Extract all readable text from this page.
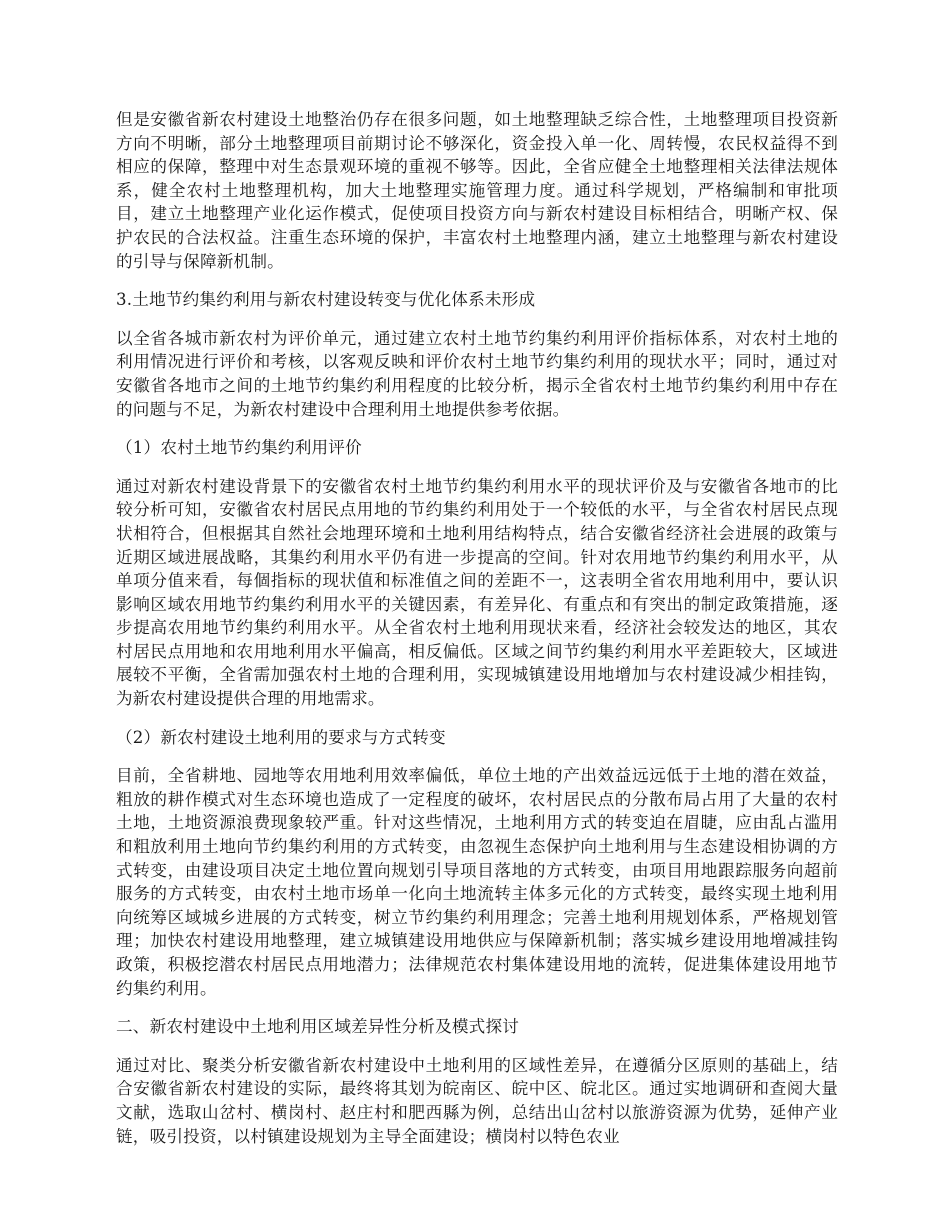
但是安徽省新农村建设土地整治仍存在很多问题，如土地整理缺乏综合性，土地整理项目投资新方向不明晰，部分土地整理项目前期讨论不够深化，资金投入单一化、周转慢，农民权益得不到相应的保障，整理中对生态景观环境的重视不够等。因此，全省应健全土地整理相关法律法规体系，健全农村土地整理机构，加大土地整理实施管理力度。通过科学规划，严格编制和审批项目，建立土地整理产业化运作模式，促使项目投资方向与新农村建设目标相结合，明晰产权、保护农民的合法权益。注重生态环境的保护，丰富农村土地整理内涵，建立土地整理与新农村建设的引导与保障新机制。

3.土地节约集约利用与新农村建设转变与优化体系未形成

以全省各城市新农村为评价单元，通过建立农村土地节约集约利用评价指标体系，对农村土地的利用情况进行评价和考核，以客观反映和评价农村土地节约集约利用的现状水平；同时，通过对安徽省各地市之间的土地节约集约利用程度的比较分析，揭示全省农村土地节约集约利用中存在的问题与不足，为新农村建设中合理利用土地提供参考依据。

（1）农村土地节约集约利用评价

通过对新农村建设背景下的安徽省农村土地节约集约利用水平的现状评价及与安徽省各地市的比较分析可知，安徽省农村居民点用地的节约集约利用处于一个较低的水平，与全省农村居民点现状相符合，但根据其自然社会地理环境和土地利用结构特点，结合安徽省经济社会进展的政策与近期区域进展战略，其集约利用水平仍有进一步提高的空间。针对农用地节约集约利用水平，从单项分值来看，每個指标的现状值和标准值之间的差距不一，这表明全省农用地利用中，要认识影响区域农用地节约集约利用水平的关键因素，有差异化、有重点和有突出的制定政策措施，逐步提高农用地节约集约利用水平。从全省农村土地利用现状来看，经济社会较发达的地区，其农村居民点用地和农用地利用水平偏高，相反偏低。区域之间节约集约利用水平差距较大，区域进展较不平衡，全省需加强农村土地的合理利用，实现城镇建设用地增加与农村建设减少相挂钩，为新农村建设提供合理的用地需求。

（2）新农村建设土地利用的要求与方式转变

目前，全省耕地、园地等农用地利用效率偏低，单位土地的产出效益远远低于土地的潜在效益，粗放的耕作模式对生态环境也造成了一定程度的破坏，农村居民点的分散布局占用了大量的农村土地，土地资源浪费现象较严重。针对这些情况，土地利用方式的转变迫在眉睫，应由乱占滥用和粗放利用土地向节约集约利用的方式转变，由忽视生态保护向土地利用与生态建设相协调的方式转变，由建设项目决定土地位置向规划引导项目落地的方式转变，由项目用地跟踪服务向超前服务的方式转变，由农村土地市场单一化向土地流转主体多元化的方式转变，最终实现土地利用向统筹区域城乡进展的方式转变，树立节约集约利用理念；完善土地利用规划体系，严格规划管理；加快农村建设用地整理，建立城镇建设用地供应与保障新机制；落实城乡建设用地増减挂钩政策，积极挖潜农村居民点用地潜力；法律规范农村集体建设用地的流转，促进集体建设用地节约集约利用。

二、新农村建设中土地利用区域差异性分析及模式探讨

通过对比、聚类分析安徽省新农村建设中土地利用的区域性差异，在遵循分区原则的基础上，结合安徽省新农村建设的实际，最终将其划为皖南区、皖中区、皖北区。通过实地调研和查阅大量文献，选取山岔村、横岗村、赵庄村和肥西縣为例，总结出山岔村以旅游资源为优势，延伸产业链，吸引投资，以村镇建设规划为主导全面建设；横岗村以特色农业
